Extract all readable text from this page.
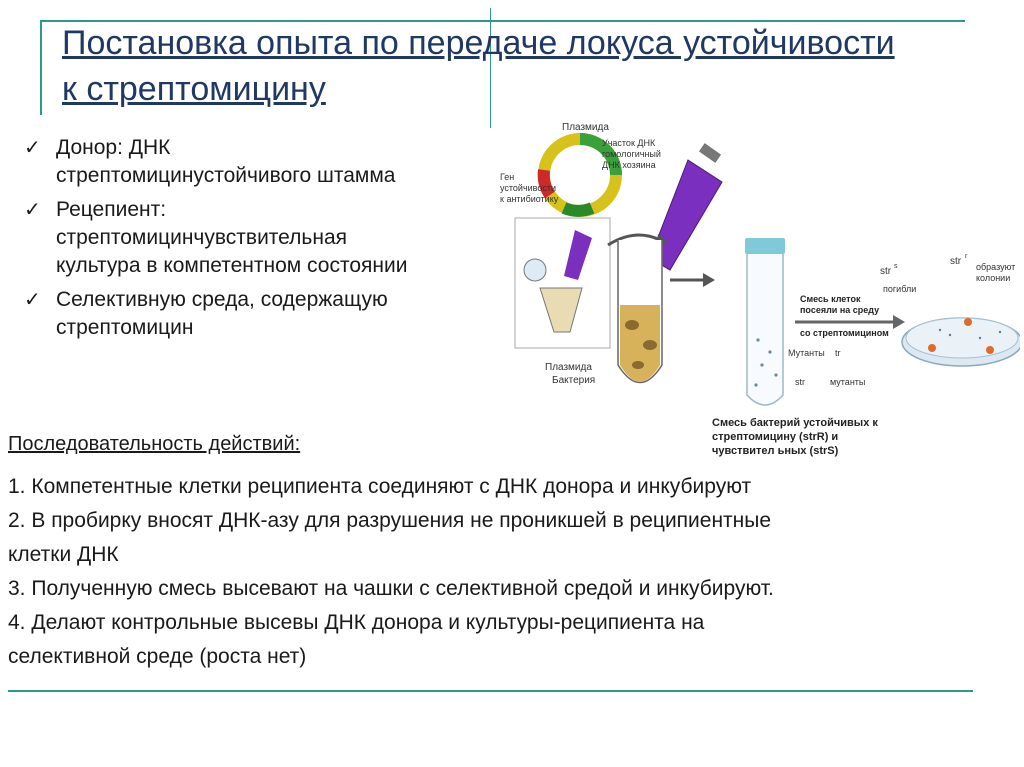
Постановка опыта по передаче локуса устойчивости к стрептомицину
✓ Донор: ДНК
стрептомицинустойчивого штамма
✓ Рецепиент:
стрептомицинчувствительная
культура в компетентном состоянии
✓ Селективную среда, содержащую
стрептомицин
Плазмида
Участок ДНК
гомологичный
ДНК хозяина
Ген
устойчивости
к антибиотику
Плазмида
Бактерия
Мутанты tr
str	мутанты
Смесь клеток
посеяли на среду
со стрептомицином
str s
погибли
str r
образуют
колонии
Смесь бактерий устойчивых к
стрептомицину (strR) и
чувствител ьных (strS)
Последовательность действий:
1. Компетентные клетки реципиента соединяют с ДНК донора и инкубируют
2. В пробирку вносят ДНК-азу для разрушения не проникшей в реципиентные
клетки ДНК
3. Полученную смесь высевают на чашки с селективной средой и инкубируют.
4. Делают контрольные высевы ДНК донора и культуры-реципиента на
селективной среде (роста нет)
